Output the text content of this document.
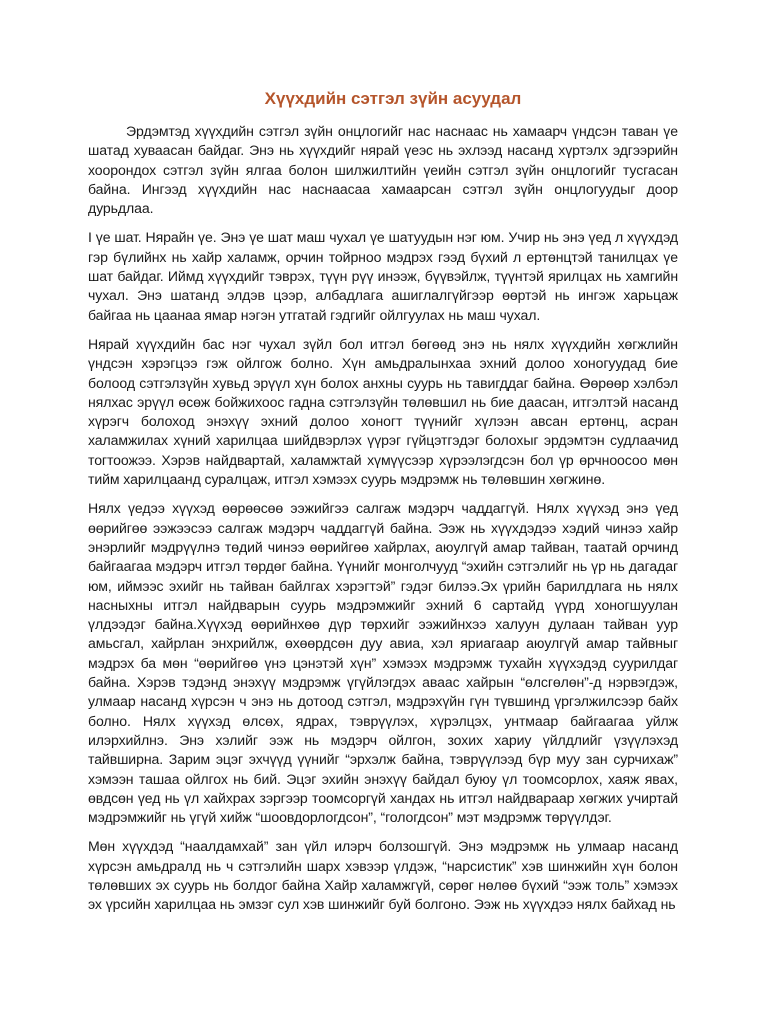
Хүүхдийн сэтгэл зүйн асуудал

Эрдэмтэд хүүхдийн сэтгэл зүйн онцлогийг нас наснаас нь хамаарч үндсэн таван үе шатад хуваасан байдаг. Энэ нь хүүхдийг нярай үеэс нь эхлээд насанд хүртэлх эдгээрийн хоорондох сэтгэл зүйн ялгаа болон шилжилтийн үеийн сэтгэл зүйн онцлогийг тусгасан байна. Ингээд хүүхдийн нас наснаасаа хамаарсан сэтгэл зүйн онцлогуудыг доор дурьдлаа.

I үе шат. Нярайн үе. Энэ үе шат маш чухал үе шатуудын нэг юм. Учир нь энэ үед л хүүхдэд гэр бүлийнх нь хайр халамж, орчин тойрноо мэдрэх гээд бүхий л ертөнцтэй танилцах үе шат байдаг. Иймд хүүхдийг тэврэх, түүн рүү инээж, бүүвэйлж, түүнтэй ярилцах нь хамгийн чухал. Энэ шатанд элдэв цээр, албадлага ашиглалгүйгээр өөртэй нь ингэж харьцаж байгаа нь цаанаа ямар нэгэн утгатай гэдгийг ойлгуулах нь маш чухал.

Нярай хүүхдийн бас нэг чухал зүйл бол итгэл бөгөөд энэ нь нялх хүүхдийн хөгжлийн үндсэн хэрэгцээ гэж ойлгож болно. Хүн амьдралынхаа эхний долоо хоногуудад бие болоод сэтгэлзүйн хувьд эрүүл хүн болох анхны суурь нь тавигддаг байна. Өөрөөр хэлбэл нялхас эрүүл өсөж бойжихоос гадна сэтгэлзүйн төлөвшил нь бие даасан, итгэлтэй насанд хүрэгч болоход энэхүү эхний долоо хоногт түүнийг хүлээн авсан ертөнц, асран халамжилах хүний харилцаа шийдвэрлэх үүрэг гүйцэтгэдэг болохыг эрдэмтэн судлаачид тогтоожээ. Хэрэв найдвартай, халамжтай хүмүүсээр хүрээлэгдсэн бол үр өрчноосоо мөн тийм харилцаанд суралцаж, итгэл хэмээх суурь мэдрэмж нь төлөвшин хөгжинө.

Нялх үедээ хүүхэд өөрөөсөө ээжийгээ салгаж мэдэрч чаддаггүй. Нялх хүүхэд энэ үед өөрийгөө ээжээсээ салгаж мэдэрч чаддаггүй байна. Ээж нь хүүхдэдээ хэдий чинээ хайр энэрлийг мэдрүүлнэ төдий чинээ өөрийгөө хайрлах, аюулгүй амар тайван, таатай орчинд байгаагаа мэдэрч итгэл төрдөг байна. Үүнийг монголчууд “эхийн сэтгэлийг нь үр нь дагадаг юм, иймээс эхийг нь тайван байлгах хэрэгтэй” гэдэг билээ.Эх үрийн барилдлага нь нялх насныхны итгэл найдварын суурь мэдрэмжийг эхний 6 сартайд үүрд хоногшуулан үлдээдэг байна.Хүүхэд өөрийнхөө дүр төрхийг ээжийнхээ халуун дулаан тайван уур амьсгал, хайрлан энхрийлж, өхөөрдсөн дуу авиа, хэл яриагаар аюулгүй амар тайвныг мэдрэх ба мөн “өөрийгөө үнэ цэнэтэй хүн” хэмээх мэдрэмж тухайн хүүхэдэд суурилдаг байна. Хэрэв тэдэнд энэхүү мэдрэмж үгүйлэгдэх аваас хайрын “өлсгөлөн”-д нэрвэгдэж, улмаар насанд хүрсэн ч энэ нь дотоод сэтгэл, мэдрэхүйн гүн түвшинд үргэлжилсээр байх болно. Нялх хүүхэд өлсөх, ядрах, тэврүүлэх, хүрэлцэх, унтмаар байгаагаа уйлж илэрхийлнэ. Энэ хэлийг ээж нь мэдэрч ойлгон, зохих хариу үйлдлийг үзүүлэхэд тайвширна. Зарим эцэг эхчүүд үүнийг “эрхэлж байна, тэврүүлээд бүр муу зан сурчихаж” хэмээн ташаа ойлгох нь бий. Эцэг эхийн энэхүү байдал буюу үл тоомсорлох, хаяж явах, өвдсөн үед нь үл хайхрах зэргээр тоомсоргүй хандах нь итгэл найдвараар хөгжих учиртай мэдрэмжийг нь үгүй хийж “шоовдорлогдсон”, “гологдсон” мэт мэдрэмж төрүүлдэг.

Мөн хүүхдэд “наалдамхай” зан үйл илэрч болзошгүй. Энэ мэдрэмж нь улмаар насанд хүрсэн амьдралд нь ч сэтгэлийн шарх хэвээр үлдэж, “нарсистик” хэв шинжийн хүн болон төлөвших эх суурь нь болдог байна Хайр халамжгүй, сөрөг нөлөө бүхий “ээж толь” хэмээх эх үрсийн харилцаа нь эмзэг сул хэв шинжийг буй болгоно. Ээж нь хүүхдээ нялх байхад нь
